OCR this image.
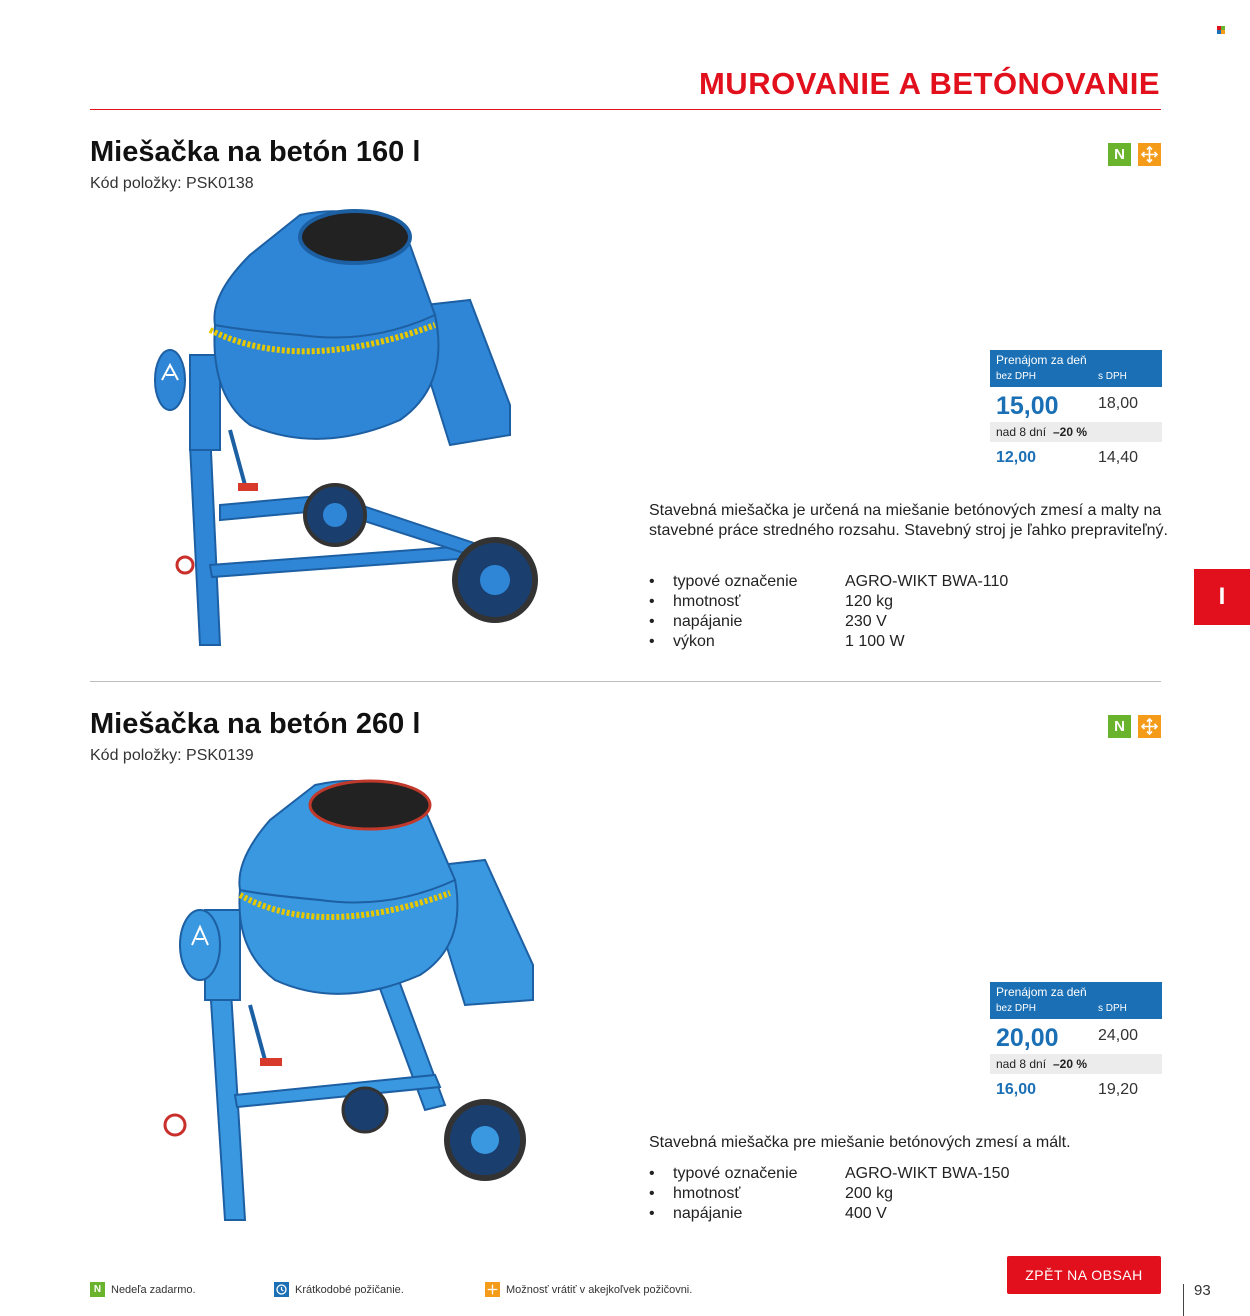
MUROVANIE A BETÓNOVANIE
Miešačka na betón 160 l
Kód položky: PSK0138
N
Prenájom za deň
bez DPH	s DPH
15,00 18,00
nad 8 dní –20 %
12,00	14,40
Stavebná miešačka je určená na miešanie betónových zmesí a malty na stavebné práce stredného rozsahu. Stavebný stroj je ľahko prepraviteľný.
• typové označenie	AGRO-WIKT BWA-110
• hmotnosť	120 kg
• napájanie	230 V
• výkon	1 100 W
Miešačka na betón 260 l
Kód položky: PSK0139
N
Prenájom za deň
bez DPH	s DPH
20,00 24,00
nad 8 dní –20 %
16,00	19,20
Stavebná miešačka pre miešanie betónových zmesí a mált.
• typové označenie	AGRO-WIKT BWA-150
• hmotnosť	200 kg
• napájanie	400 V
I
N Nedeľa zadarmo.	Krátkodobé požičanie.	Možnosť vrátiť v akejkoľvek požičovni.
ZPĚT NA OBSAH
93
